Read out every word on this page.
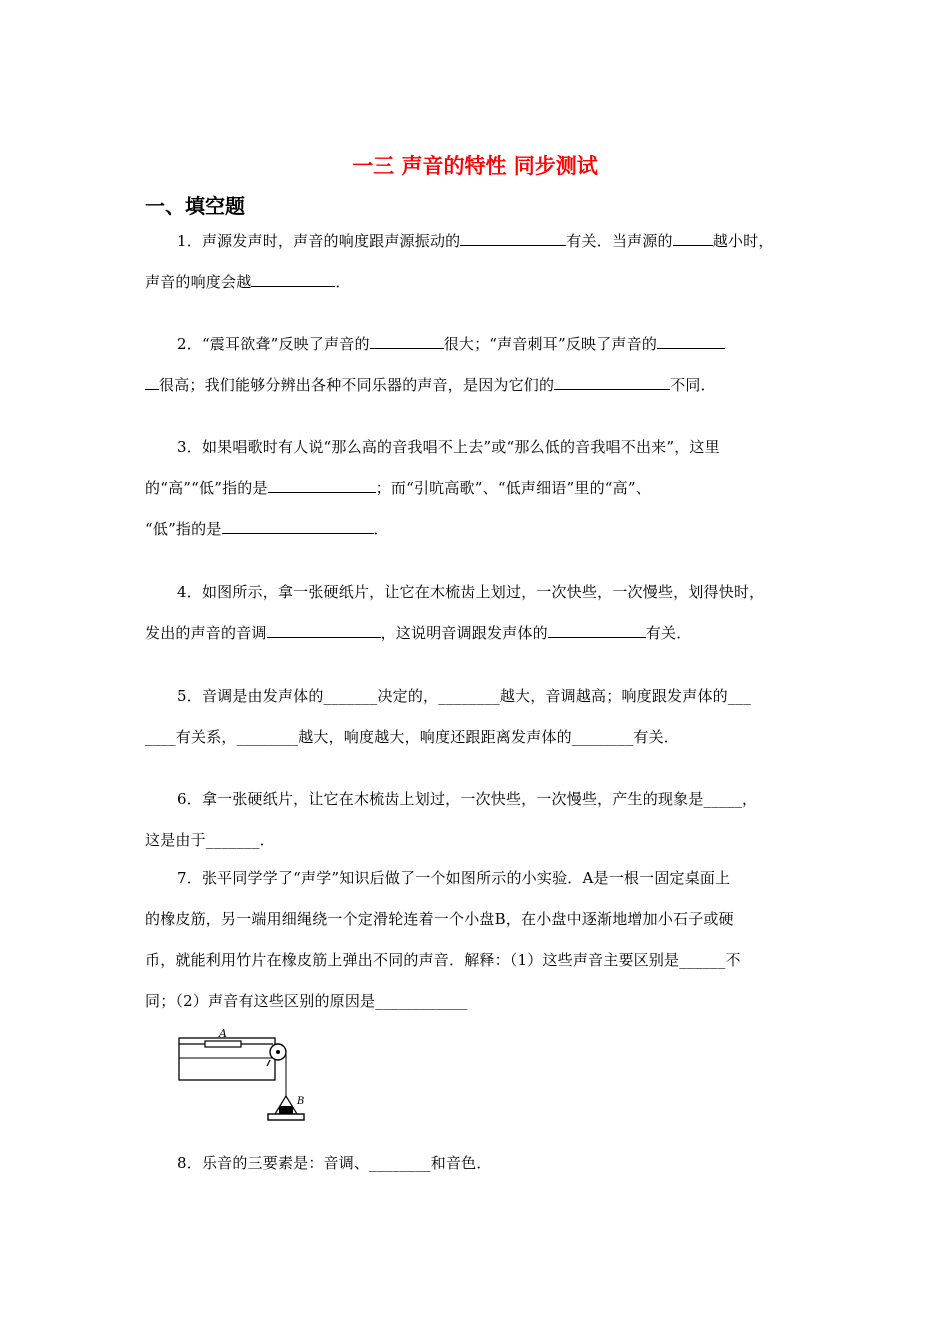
一三 声音的特性 同步测试
一、填空题
1．声源发声时，声音的响度跟声源振动的	有关．当声源的	越小时，
声音的响度会越	．
2．“震耳欲聋”反映了声音的	很大；“声音刺耳”反映了声音的
很高；我们能够分辨出各种不同乐器的声音，是因为它们的	不同．
3．如果唱歌时有人说“那么高的音我唱不上去”或“那么低的音我唱不出来”，这里
的“高”“低”指的是	；而“引吭高歌”、“低声细语”里的“高”、
“低”指的是	．
4．如图所示，拿一张硬纸片，让它在木梳齿上划过，一次快些，一次慢些，划得快时，
发出的声音的音调	，这说明音调跟发声体的	有关．
5．音调是由发声体的_______决定的，________越大，音调越高；响度跟发声体的___
____有关系，________越大，响度越大，响度还跟距离发声体的________有关．
6．拿一张硬纸片，让它在木梳齿上划过，一次快些，一次慢些，产生的现象是_____，
这是由于_______．
7．张平同学学了“声学”知识后做了一个如图所示的小实验．A是一根一固定桌面上
的橡皮筋，另一端用细绳绕一个定滑轮连着一个小盘B，在小盘中逐渐地增加小石子或硬
币，就能利用竹片在橡皮筋上弹出不同的声音．解释：（1）这些声音主要区别是______不
同；（2）声音有这些区别的原因是____________
A
B
8．乐音的三要素是：音调、________和音色．
